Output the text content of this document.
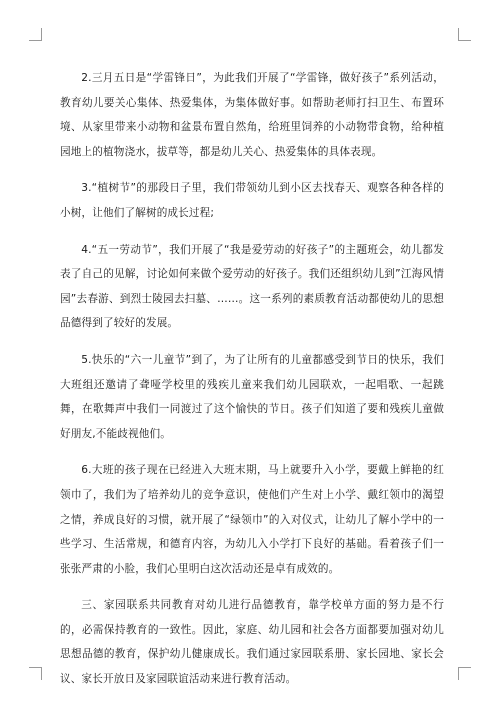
2.三月五日是“学雷锋日”，为此我们开展了“学雷锋，做好孩子”系列活动，教育幼儿要关心集体、热爱集体，为集体做好事。如帮助老师打扫卫生、布置环境、从家里带来小动物和盆景布置自然角，给班里饲养的小动物带食物，给种植园地上的植物浇水，拔草等，都是幼儿关心、热爱集体的具体表现。

3.“植树节”的那段日子里，我们带领幼儿到小区去找春天、观察各种各样的小树，让他们了解树的成长过程;

4.“五一劳动节”，我们开展了“我是爱劳动的好孩子”的主题班会，幼儿都发表了自己的见解，讨论如何来做个爱劳动的好孩子。我们还组织幼儿到”江海风情园”去春游、到烈士陵园去扫墓、……。这一系列的素质教育活动都使幼儿的思想品德得到了较好的发展。

5.快乐的“六一儿童节”到了，为了让所有的儿童都感受到节日的快乐，我们大班组还邀请了聋哑学校里的残疾儿童来我们幼儿园联欢，一起唱歌、一起跳舞，在歌舞声中我们一同渡过了这个愉快的节日。孩子们知道了要和残疾儿童做好朋友,不能歧视他们。

6.大班的孩子现在已经进入大班末期，马上就要升入小学，要戴上鲜艳的红领巾了，我们为了培养幼儿的竞争意识，使他们产生对上小学、戴红领巾的渴望之情，养成良好的习惯，就开展了“绿领巾”的入对仪式，让幼儿了解小学中的一些学习、生活常规，和德育内容，为幼儿入小学打下良好的基础。看着孩子们一张张严肃的小脸，我们心里明白这次活动还是卓有成效的。

三、家园联系共同教育对幼儿进行品德教育，靠学校单方面的努力是不行的，必需保持教育的一致性。因此，家庭、幼儿园和社会各方面都要加强对幼儿思想品德的教育，保护幼儿健康成长。我们通过家园联系册、家长园地、家长会议、家长开放日及家园联谊活动来进行教育活动。
